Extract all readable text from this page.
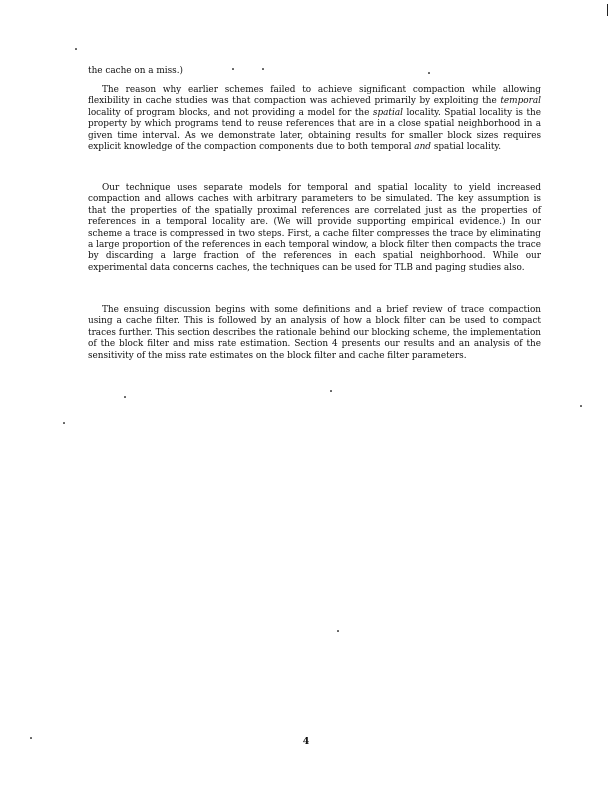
the cache on a miss.)

The reason why earlier schemes failed to achieve significant compaction while allowing flexibility in cache studies was that compaction was achieved primarily by exploiting the temporal locality of program blocks, and not providing a model for the spatial locality. Spatial locality is the property by which programs tend to reuse references that are in a close spatial neighborhood in a given time interval. As we demonstrate later, obtaining results for smaller block sizes requires explicit knowledge of the compaction components due to both temporal and spatial locality.

Our technique uses separate models for temporal and spatial locality to yield increased compaction and allows caches with arbitrary parameters to be simulated. The key assumption is that the properties of the spatially proximal references are correlated just as the properties of references in a temporal locality are. (We will provide supporting empirical evidence.) In our scheme a trace is compressed in two steps. First, a cache filter compresses the trace by eliminating a large proportion of the references in each temporal window, a block filter then compacts the trace by discarding a large fraction of the references in each spatial neighborhood. While our experimental data concerns caches, the techniques can be used for TLB and paging studies also.

The ensuing discussion begins with some definitions and a brief review of trace compaction using a cache filter. This is followed by an analysis of how a block filter can be used to compact traces further. This section describes the rationale behind our blocking scheme, the implementation of the block filter and miss rate estimation. Section 4 presents our results and an analysis of the sensitivity of the miss rate estimates on the block filter and cache filter parameters.

4
